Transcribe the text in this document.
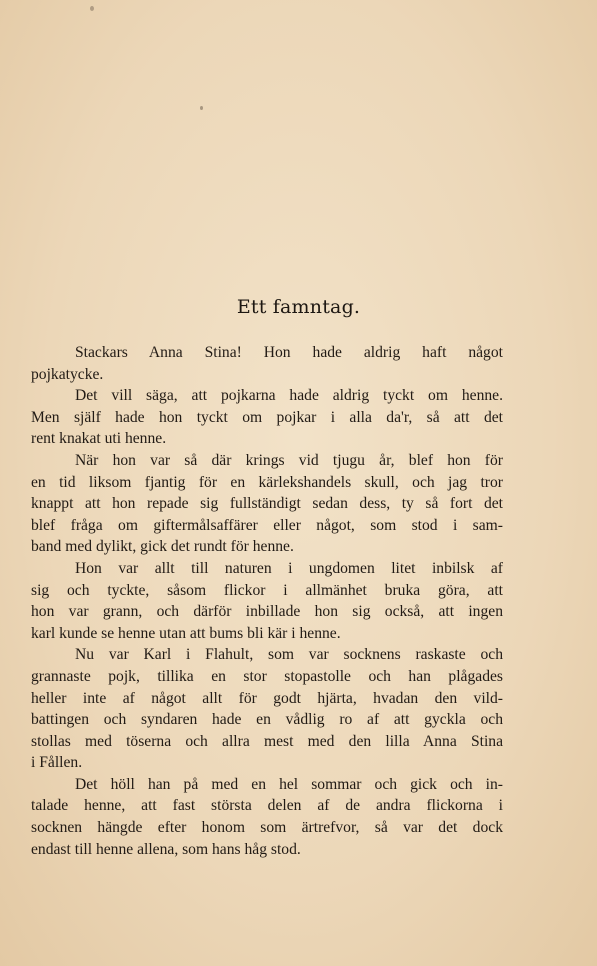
Ett famntag.

Stackars Anna Stina! Hon hade aldrig haft något
pojkatycke.

Det vill säga, att pojkarna hade aldrig tyckt om henne.
Men själf hade hon tyckt om pojkar i alla da'r, så att det
rent knakat uti henne.

När hon var så där krings vid tjugu år, blef hon för
en tid liksom fjantig för en kärlekshandels skull, och jag tror
knappt att hon repade sig fullständigt sedan dess, ty så fort det
blef fråga om giftermålsaffärer eller något, som stod i sam-
band med dylikt, gick det rundt för henne.

Hon var allt till naturen i ungdomen litet inbilsk af
sig och tyckte, såsom flickor i allmänhet bruka göra, att
hon var grann, och därför inbillade hon sig också, att ingen
karl kunde se henne utan att bums bli kär i henne.

Nu var Karl i Flahult, som var socknens raskaste och
grannaste pojk, tillika en stor stopastolle och han plågades
heller inte af något allt för godt hjärta, hvadan den vild-
battingen och syndaren hade en vådlig ro af att gyckla och
stollas med töserna och allra mest med den lilla Anna Stina
i Fållen.

Det höll han på med en hel sommar och gick och in-
talade henne, att fast största delen af de andra flickorna i
socknen hängde efter honom som ärtrefvor, så var det dock
endast till henne allena, som hans håg stod.
